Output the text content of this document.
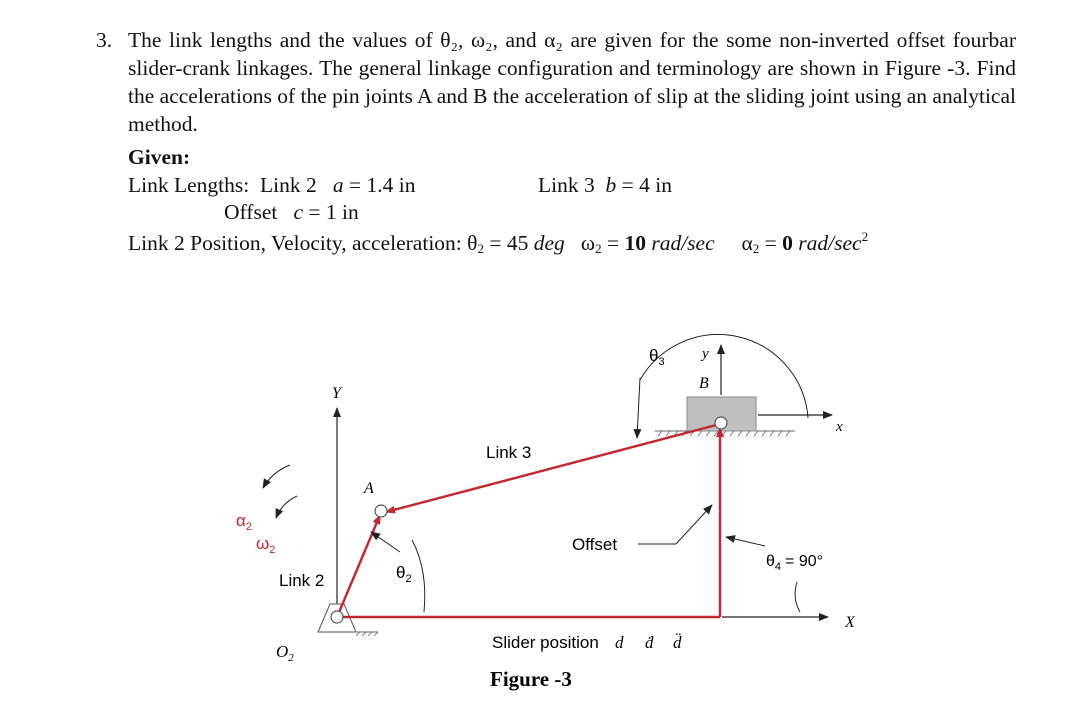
3. The link lengths and the values of θ₂, ω₂, and α₂ are given for the some non-inverted offset fourbar slider-crank linkages. The general linkage configuration and terminology are shown in Figure -3. Find the accelerations of the pin joints A and B the acceleration of slip at the sliding joint using an analytical method.
Given:
Link Lengths: Link 2 a = 1.4 in	Link 3 b = 4 in
Offset c = 1 in
Link 2 Position, Velocity, acceleration: $\theta_2 = 45$ deg $\omega_2 = 10$ rad/sec $\alpha_2 = 0$ rad/$\sec^2$
Y
X
x
y
B
A
$O_2$
Link 3
Link 2
Offset
$\theta_2$
$\theta_3$
$\theta_4 = 90^\circ$
$\alpha_2$
$\omega_2$
Slider position d ḋ d̈
Figure -3
